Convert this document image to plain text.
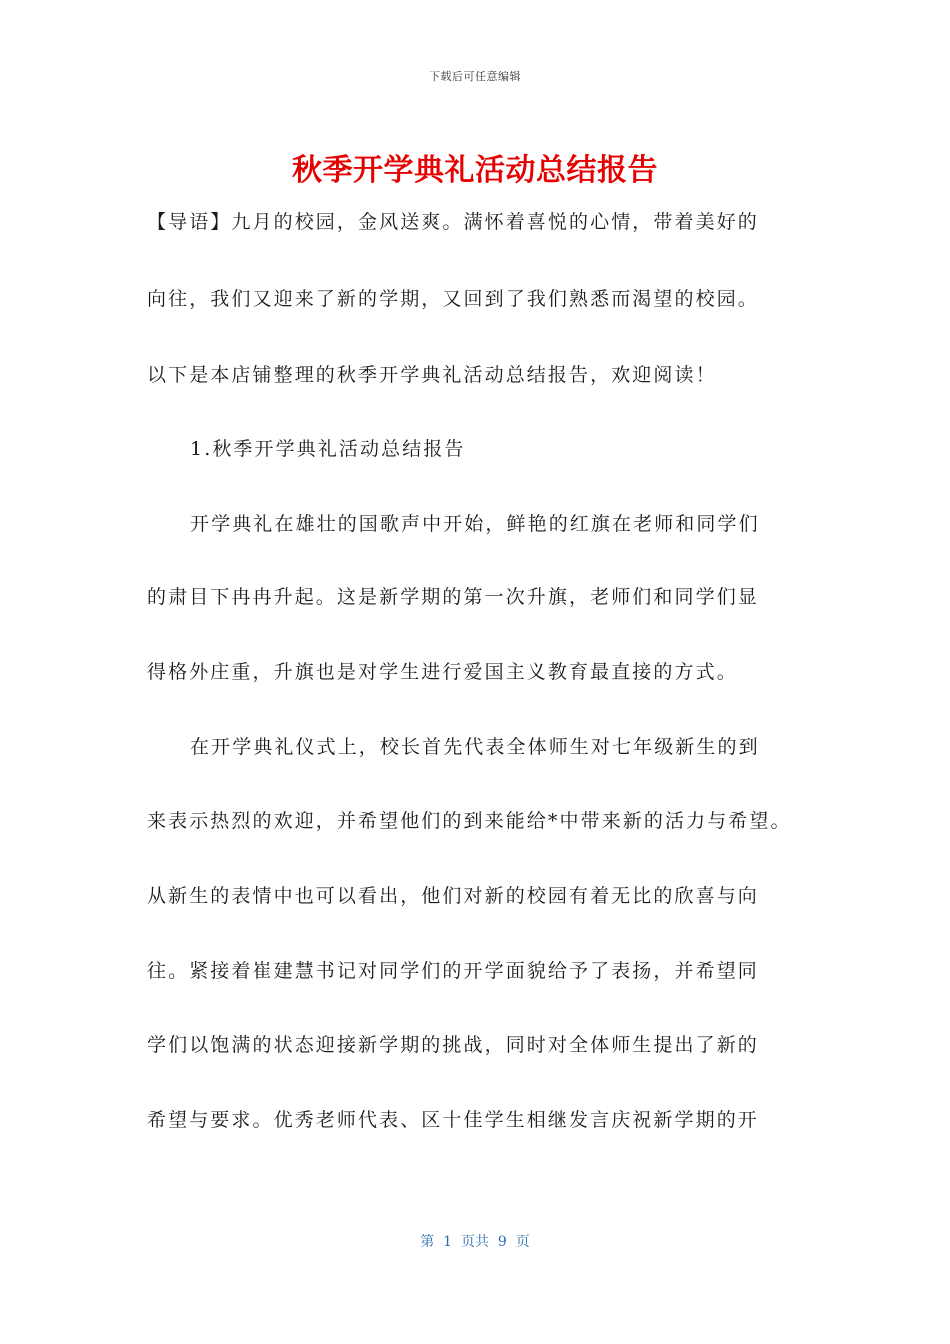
下载后可任意编辑
秋季开学典礼活动总结报告
【导语】九月的校园，金风送爽。满怀着喜悦的心情，带着美好的
向往，我们又迎来了新的学期，又回到了我们熟悉而渴望的校园。
以下是本店铺整理的秋季开学典礼活动总结报告，欢迎阅读！
1.秋季开学典礼活动总结报告
开学典礼在雄壮的国歌声中开始，鲜艳的红旗在老师和同学们
的肃目下冉冉升起。这是新学期的第一次升旗，老师们和同学们显
得格外庄重，升旗也是对学生进行爱国主义教育最直接的方式。
在开学典礼仪式上，校长首先代表全体师生对七年级新生的到
来表示热烈的欢迎，并希望他们的到来能给*中带来新的活力与希望。
从新生的表情中也可以看出，他们对新的校园有着无比的欣喜与向
往。紧接着崔建慧书记对同学们的开学面貌给予了表扬，并希望同
学们以饱满的状态迎接新学期的挑战，同时对全体师生提出了新的
希望与要求。优秀老师代表、区十佳学生相继发言庆祝新学期的开
第  1  页共  9  页
